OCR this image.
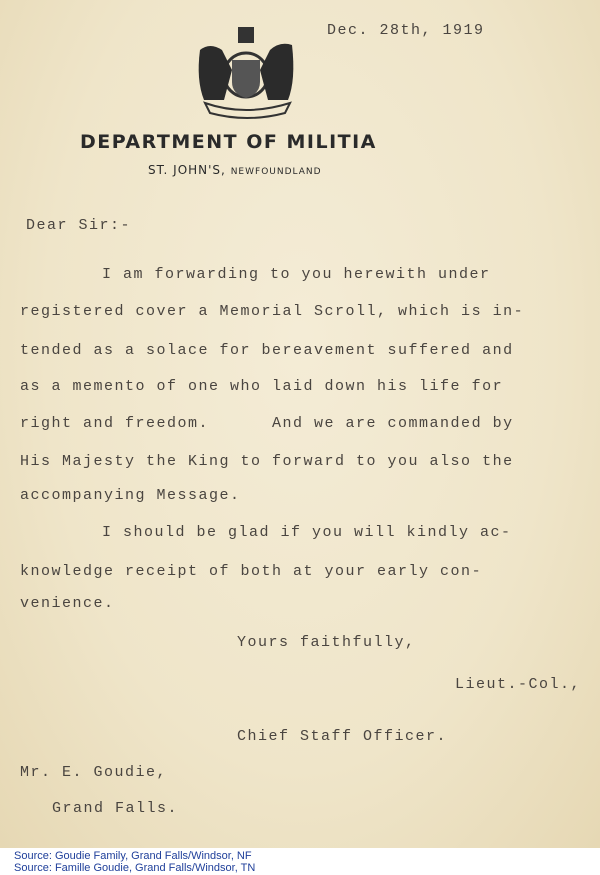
DEPARTMENT OF MILITIA
ST. JOHN'S, NEWFOUNDLAND
Dec. 28th, 1919
Dear Sir:-
I am forwarding to you herewith under
registered cover a Memorial Scroll, which is in-
tended as a solace for bereavement suffered and
as a memento of one who laid down his life for
right and freedom.      And we are commanded by
His Majesty the King to forward to you also the
accompanying Message.
I should be glad if you will kindly ac-
knowledge receipt of both at your early con-
venience.
Yours faithfully,
Lieut.-Col.,
Chief Staff Officer.
Mr. E. Goudie,
Grand Falls.
Source: Goudie Family, Grand Falls/Windsor, NF
Source: Famille Goudie, Grand Falls/Windsor, TN
